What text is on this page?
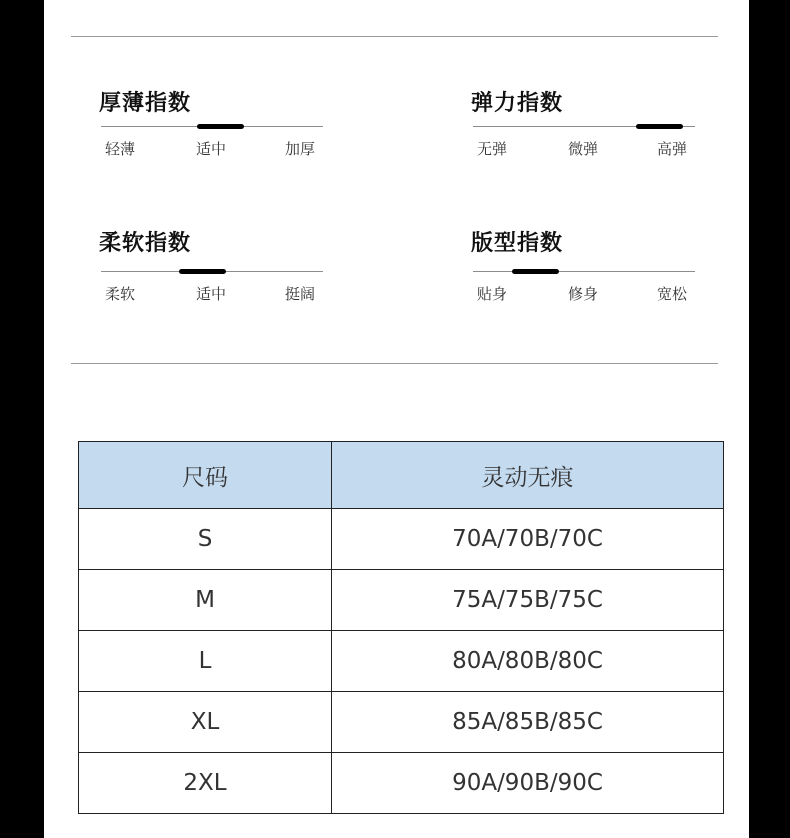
厚薄指数
轻薄	适中	加厚
弹力指数
无弹	微弹	高弹
柔软指数
柔软	适中	挺阔
版型指数
贴身	修身	宽松
尺码	灵动无痕
S	70A/70B/70C
M	75A/75B/75C
L	80A/80B/80C
XL	85A/85B/85C
2XL	90A/90B/90C
